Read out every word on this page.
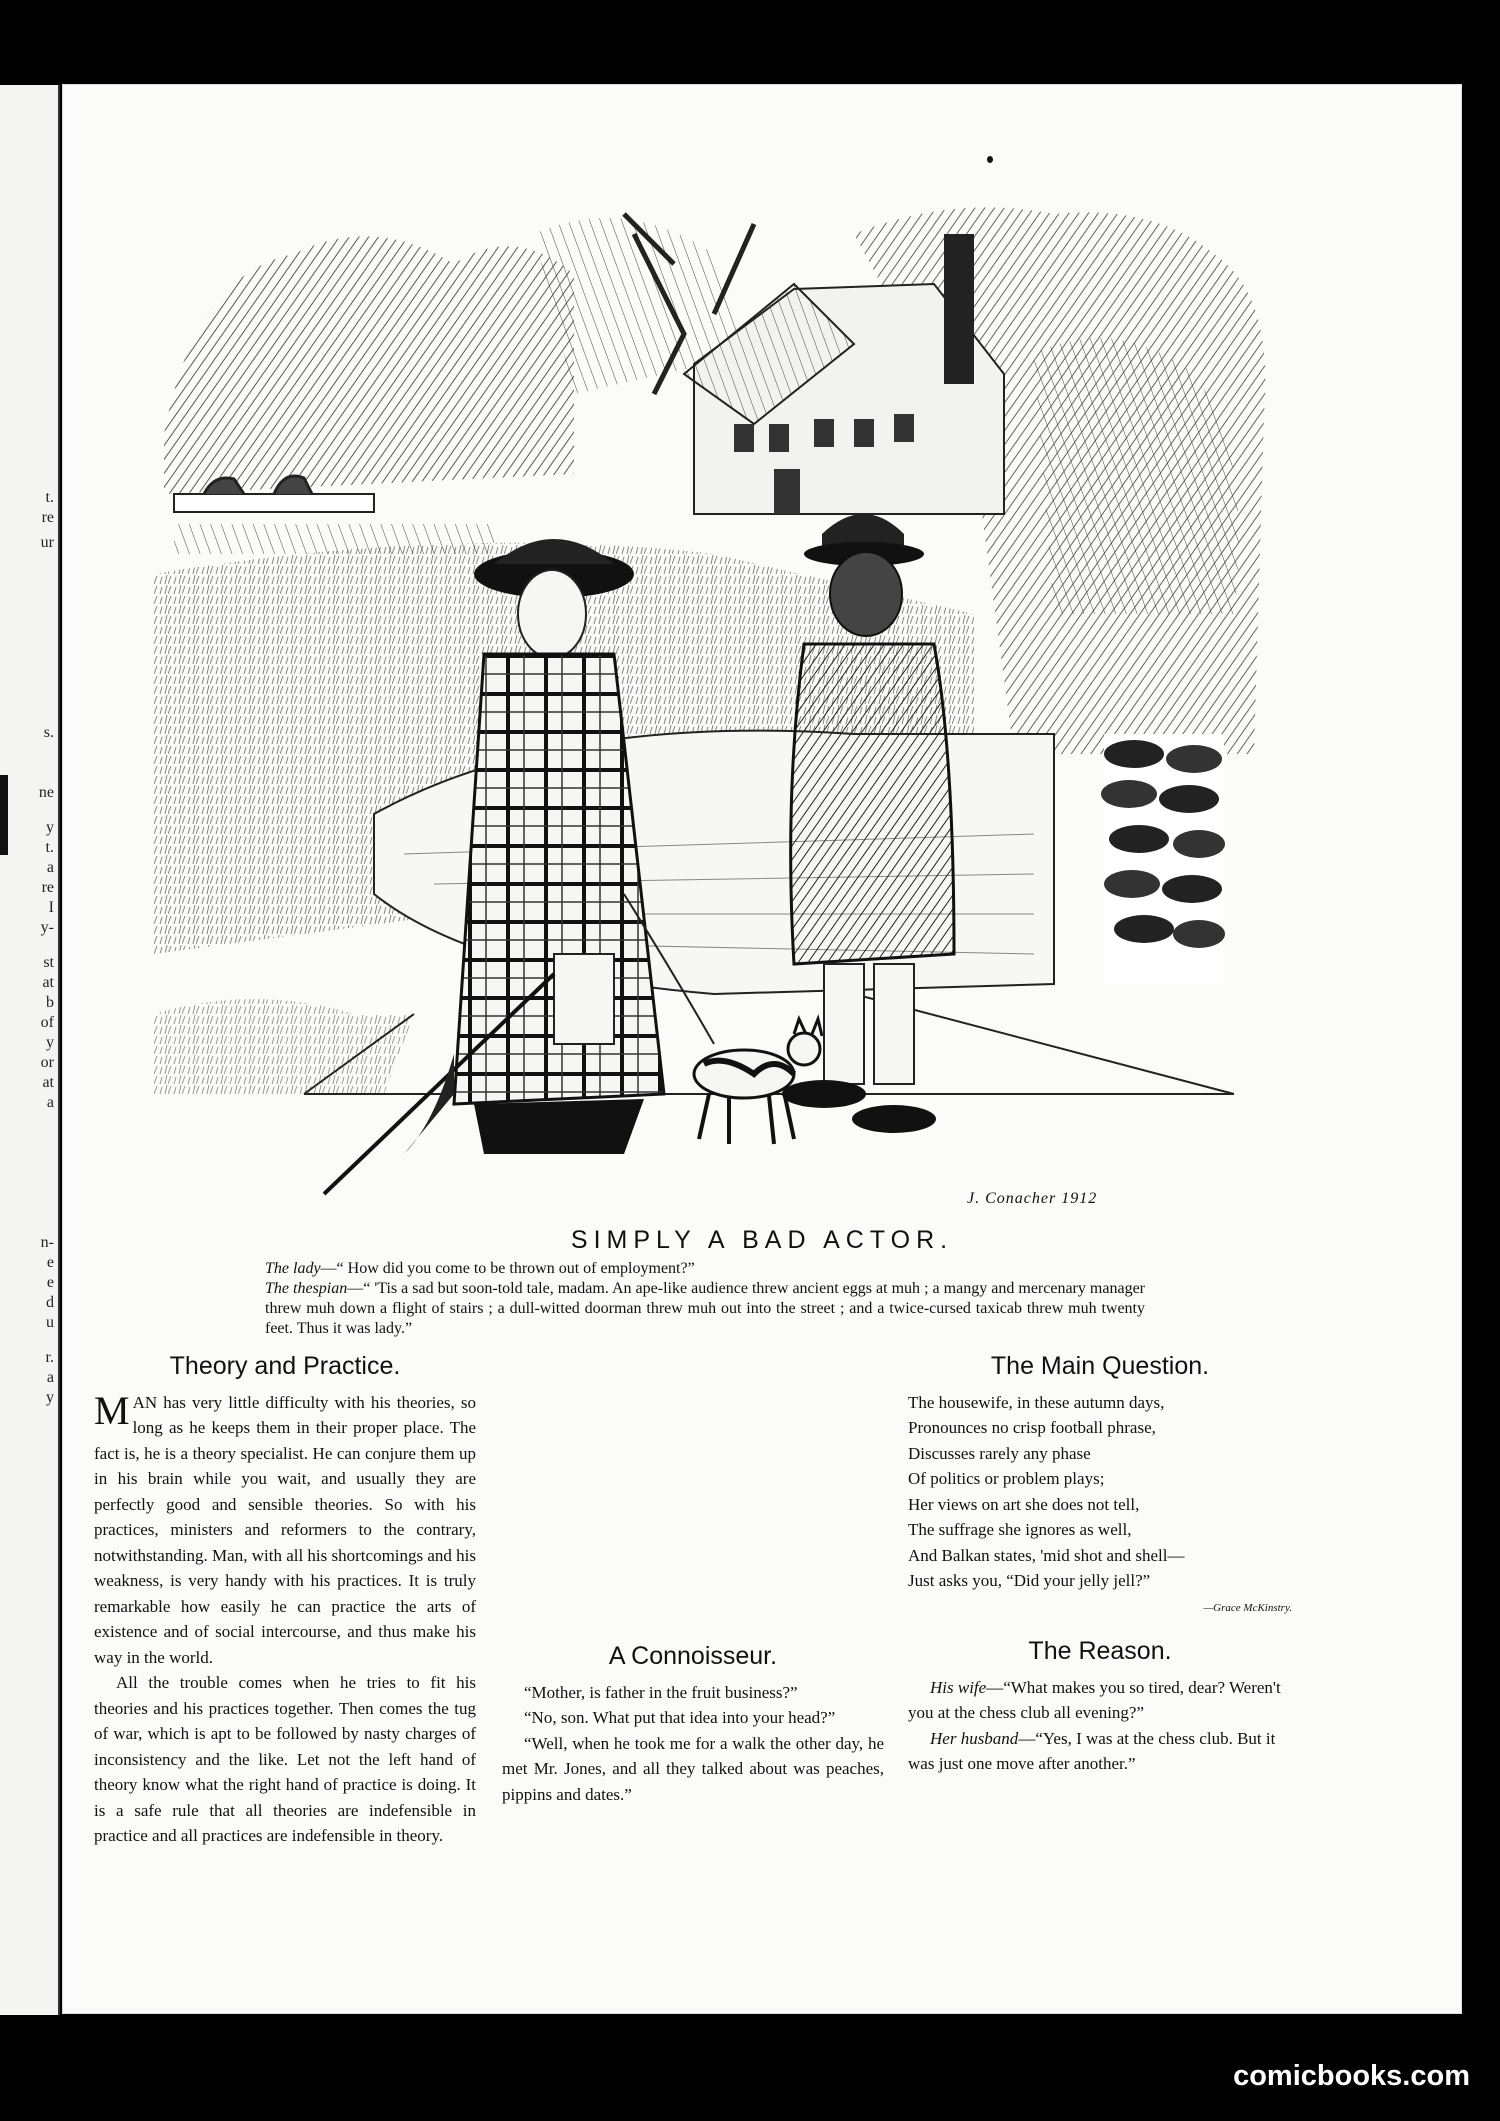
t.
re
ur
s.
ne
y
t.
a
re
I
y-
st
at
b
of
y
or
at
a
n-
e
e
d
u
r.
a
y
J. Conacher 1912
SIMPLY A BAD ACTOR.
The lady—“ How did you come to be thrown out of employment?”
The thespian—“ 'Tis a sad but soon-told tale, madam. An ape-like audience threw ancient eggs at muh ; a mangy and mercenary manager threw muh down a flight of stairs ; a dull-witted doorman threw muh out into the street ; and a twice-cursed taxicab threw muh twenty feet. Thus it was lady.”
Theory and Practice.

MAN has very little difficulty with his theories, so long as he keeps them in their proper place. The fact is, he is a theory specialist. He can conjure them up in his brain while you wait, and usually they are perfectly good and sensible theories. So with his practices, ministers and reformers to the contrary, notwithstanding. Man, with all his shortcomings and his weakness, is very handy with his practices. It is truly remarkable how easily he can practice the arts of existence and of social intercourse, and thus make his way in the world.

All the trouble comes when he tries to fit his theories and his practices together. Then comes the tug of war, which is apt to be followed by nasty charges of inconsistency and the like. Let not the left hand of theory know what the right hand of practice is doing. It is a safe rule that all theories are indefensible in practice and all practices are indefensible in theory.

A Connoisseur.

“Mother, is father in the fruit business?”

“No, son. What put that idea into your head?”

“Well, when he took me for a walk the other day, he met Mr. Jones, and all they talked about was peaches, pippins and dates.”

The Main Question.
The housewife, in these autumn days,
Pronounces no crisp football phrase,
Discusses rarely any phase
Of politics or problem plays;
Her views on art she does not tell,
The suffrage she ignores as well,
And Balkan states, 'mid shot and shell—
Just asks you, “Did your jelly jell?”
—Grace McKinstry.
The Reason.

His wife—“What makes you so tired, dear? Weren't you at the chess club all evening?”

Her husband—“Yes, I was at the chess club. But it was just one move after another.”

comicbooks.com
